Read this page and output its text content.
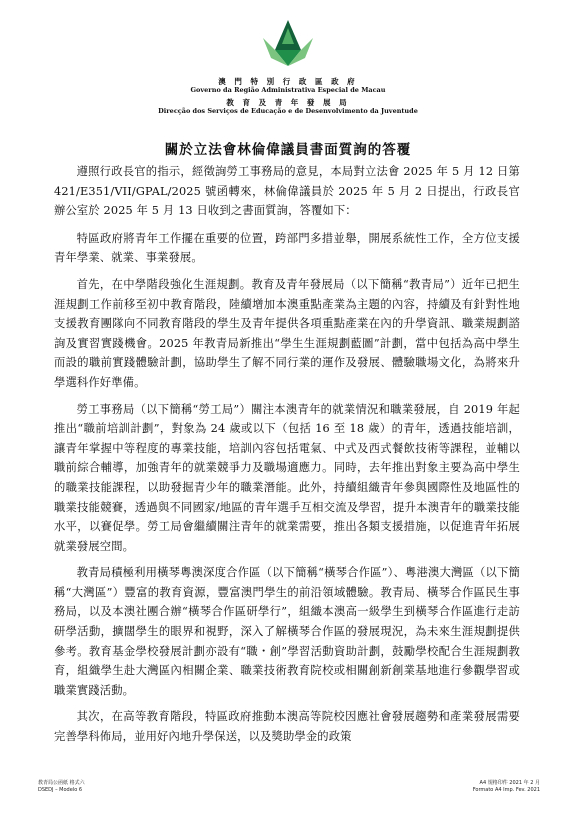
澳 門 特 別 行 政 區 政 府
Governo da Região Administrativa Especial de Macau
教 育 及 青 年 發 展 局
Direcção dos Serviços de Educação e de Desenvolvimento da Juventude
關於立法會林倫偉議員書面質詢的答覆

遵照行政長官的指示，經徵詢勞工事務局的意見，本局對立法會 2025 年 5 月 12 日第 421/E351/VII/GPAL/2025 號函轉來，林倫偉議員於 2025 年 5 月 2 日提出，行政長官辦公室於 2025 年 5 月 13 日收到之書面質詢，答覆如下：

特區政府將青年工作擺在重要的位置，跨部門多措並舉，開展系統性工作，全方位支援青年學業、就業、事業發展。

首先，在中學階段強化生涯規劃。教育及青年發展局（以下簡稱“教青局”）近年已把生涯規劃工作前移至初中教育階段，陸續增加本澳重點產業為主題的內容，持續及有針對性地支援教育團隊向不同教育階段的學生及青年提供各項重點產業在內的升學資訊、職業規劃諮詢及實習實踐機會。2025 年教青局新推出“學生生涯規劃藍圖”計劃，當中包括為高中學生而設的職前實踐體驗計劃，協助學生了解不同行業的運作及發展、體驗職場文化，為將來升學選科作好準備。

勞工事務局（以下簡稱“勞工局”）關注本澳青年的就業情況和職業發展，自 2019 年起推出“職前培訓計劃”，對象為 24 歲或以下（包括 16 至 18 歲）的青年，透過技能培訓，讓青年掌握中等程度的專業技能，培訓內容包括電氣、中式及西式餐飲技術等課程，並輔以職前綜合輔導，加強青年的就業競爭力及職場適應力。同時，去年推出對象主要為高中學生的職業技能課程，以助發掘青少年的職業潛能。此外，持續組織青年參與國際性及地區性的職業技能競賽，透過與不同國家/地區的青年選手互相交流及學習，提升本澳青年的職業技能水平，以賽促學。勞工局會繼續關注青年的就業需要，推出各類支援措施，以促進青年拓展就業發展空間。

教青局積極利用橫琴粵澳深度合作區（以下簡稱“橫琴合作區”）、粵港澳大灣區（以下簡稱“大灣區”）豐富的教育資源，豐富澳門學生的前沿領域體驗。教青局、橫琴合作區民生事務局，以及本澳社團合辦“橫琴合作區研學行”，組織本澳高一級學生到橫琴合作區進行走訪研學活動，擴闊學生的眼界和視野，深入了解橫琴合作區的發展現況，為未來生涯規劃提供參考。教育基金學校發展計劃亦設有“職・創”學習活動資助計劃，鼓勵學校配合生涯規劃教育，組織學生赴大灣區內相關企業、職業技術教育院校或相關創新創業基地進行參觀學習或職業實踐活動。

其次，在高等教育階段，特區政府推動本澳高等院校因應社會發展趨勢和產業發展需要完善學科佈局，並用好內地升學保送，以及獎助學金的政策

教青局公函紙 格式六
DSEDJ – Modelo 6
A4 規格印件 2021 年 2 月
Formato A4 Imp. Fev. 2021
